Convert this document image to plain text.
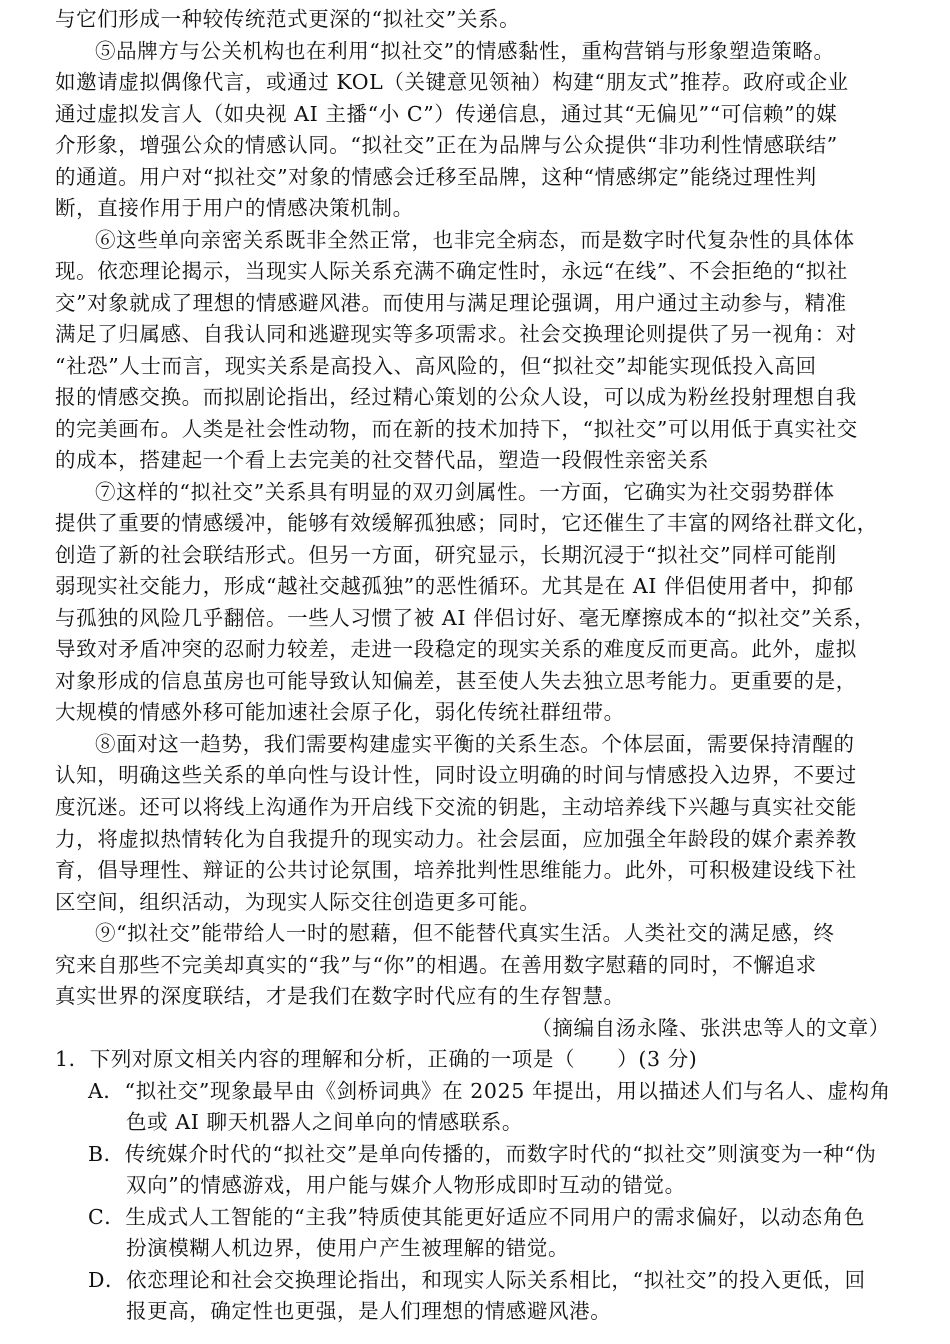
与它们形成一种较传统范式更深的“拟社交”关系。
⑤品牌方与公关机构也在利用“拟社交”的情感黏性，重构营销与形象塑造策略。
如邀请虚拟偶像代言，或通过 KOL（关键意见领袖）构建“朋友式”推荐。政府或企业
通过虚拟发言人（如央视 AI 主播“小 C”）传递信息，通过其“无偏见”“可信赖”的媒
介形象，增强公众的情感认同。“拟社交”正在为品牌与公众提供“非功利性情感联结”
的通道。用户对“拟社交”对象的情感会迁移至品牌，这种“情感绑定”能绕过理性判
断，直接作用于用户的情感决策机制。
⑥这些单向亲密关系既非全然正常，也非完全病态，而是数字时代复杂性的具体体
现。依恋理论揭示，当现实人际关系充满不确定性时，永远“在线”、不会拒绝的“拟社
交”对象就成了理想的情感避风港。而使用与满足理论强调，用户通过主动参与，精准
满足了归属感、自我认同和逃避现实等多项需求。社会交换理论则提供了另一视角：对
“社恐”人士而言，现实关系是高投入、高风险的，但“拟社交”却能实现低投入高回
报的情感交换。而拟剧论指出，经过精心策划的公众人设，可以成为粉丝投射理想自我
的完美画布。人类是社会性动物，而在新的技术加持下，“拟社交”可以用低于真实社交
的成本，搭建起一个看上去完美的社交替代品，塑造一段假性亲密关系
⑦这样的“拟社交”关系具有明显的双刃剑属性。一方面，它确实为社交弱势群体
提供了重要的情感缓冲，能够有效缓解孤独感；同时，它还催生了丰富的网络社群文化，
创造了新的社会联结形式。但另一方面，研究显示，长期沉浸于“拟社交”同样可能削
弱现实社交能力，形成“越社交越孤独”的恶性循环。尤其是在 AI 伴侣使用者中，抑郁
与孤独的风险几乎翻倍。一些人习惯了被 AI 伴侣讨好、毫无摩擦成本的“拟社交”关系，
导致对矛盾冲突的忍耐力较差，走进一段稳定的现实关系的难度反而更高。此外，虚拟
对象形成的信息茧房也可能导致认知偏差，甚至使人失去独立思考能力。更重要的是，
大规模的情感外移可能加速社会原子化，弱化传统社群纽带。
⑧面对这一趋势，我们需要构建虚实平衡的关系生态。个体层面，需要保持清醒的
认知，明确这些关系的单向性与设计性，同时设立明确的时间与情感投入边界，不要过
度沉迷。还可以将线上沟通作为开启线下交流的钥匙，主动培养线下兴趣与真实社交能
力，将虚拟热情转化为自我提升的现实动力。社会层面，应加强全年龄段的媒介素养教
育，倡导理性、辩证的公共讨论氛围，培养批判性思维能力。此外，可积极建设线下社
区空间，组织活动，为现实人际交往创造更多可能。
⑨“拟社交”能带给人一时的慰藉，但不能替代真实生活。人类社交的满足感，终
究来自那些不完美却真实的“我”与“你”的相遇。在善用数字慰藉的同时，不懈追求
真实世界的深度联结，才是我们在数字时代应有的生存智慧。
（摘编自汤永隆、张洪忠等人的文章）
1．下列对原文相关内容的理解和分析，正确的一项是（　　）(3 分)
A．“拟社交”现象最早由《剑桥词典》在 2025 年提出，用以描述人们与名人、虚构角
色或 AI 聊天机器人之间单向的情感联系。
B．传统媒介时代的“拟社交”是单向传播的，而数字时代的“拟社交”则演变为一种“伪
双向”的情感游戏，用户能与媒介人物形成即时互动的错觉。
C．生成式人工智能的“主我”特质使其能更好适应不同用户的需求偏好，以动态角色
扮演模糊人机边界，使用户产生被理解的错觉。
D．依恋理论和社会交换理论指出，和现实人际关系相比，“拟社交”的投入更低，回
报更高，确定性也更强，是人们理想的情感避风港。
